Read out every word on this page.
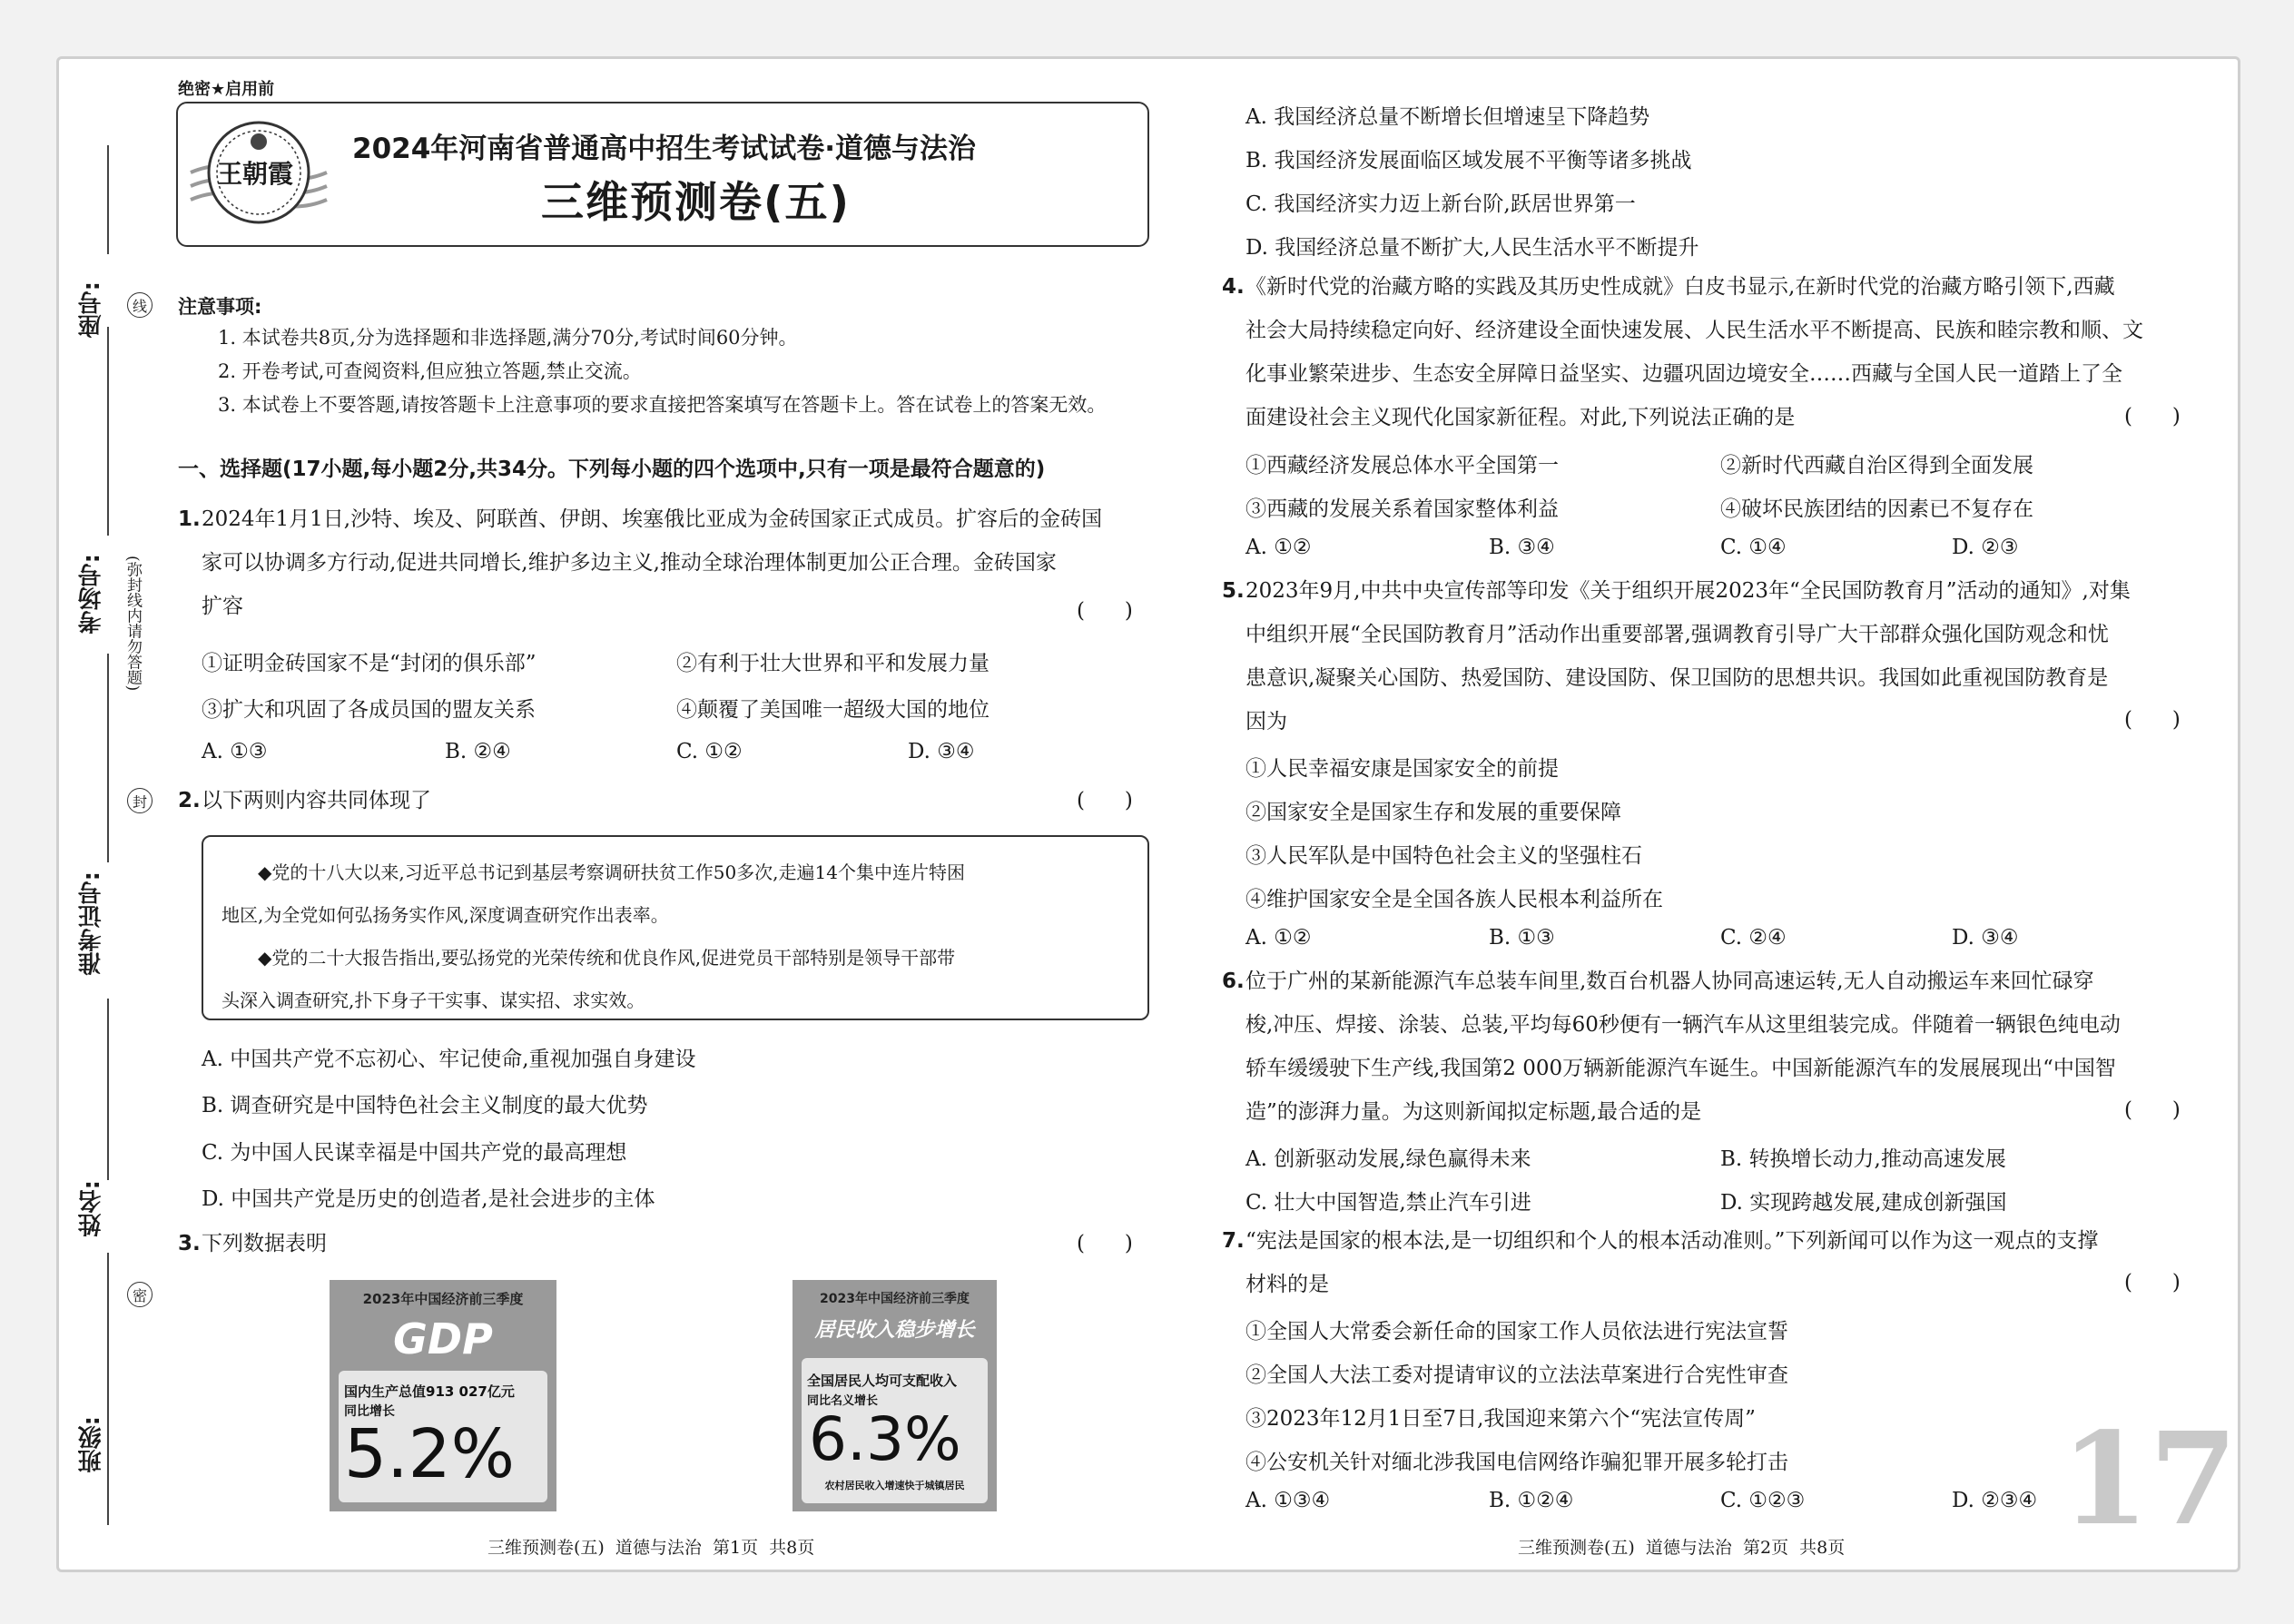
座号:
考场号:
准考证号:
姓名:
班级:
线
封
密
(弥封线内请勿答题)
绝密★启用前
王朝霞
2024年河南省普通高中招生考试试卷·道德与法治
三维预测卷(五)
注意事项:
1. 本试卷共8页,分为选择题和非选择题,满分70分,考试时间60分钟。
2. 开卷考试,可查阅资料,但应独立答题,禁止交流。
3. 本试卷上不要答题,请按答题卡上注意事项的要求直接把答案填写在答题卡上。答在试卷上的答案无效。
一、选择题(17小题,每小题2分,共34分。下列每小题的四个选项中,只有一项是最符合题意的)
1. 2024年1月1日,沙特、埃及、阿联酋、伊朗、埃塞俄比亚成为金砖国家正式成员。扩容后的金砖国
家可以协调多方行动,促进共同增长,维护多边主义,推动全球治理体制更加公正合理。金砖国家
扩容	(      )
①证明金砖国家不是“封闭的俱乐部”	②有利于壮大世界和平和发展力量
③扩大和巩固了各成员国的盟友关系	④颠覆了美国唯一超级大国的地位
A. ①③	B. ②④	C. ①②	D. ③④
2. 以下两则内容共同体现了	(      )
◆党的十八大以来,习近平总书记到基层考察调研扶贫工作50多次,走遍14个集中连片特困
地区,为全党如何弘扬务实作风,深度调查研究作出表率。
◆党的二十大报告指出,要弘扬党的光荣传统和优良作风,促进党员干部特别是领导干部带
头深入调查研究,扑下身子干实事、谋实招、求实效。
A. 中国共产党不忘初心、牢记使命,重视加强自身建设
B. 调查研究是中国特色社会主义制度的最大优势
C. 为中国人民谋幸福是中国共产党的最高理想
D. 中国共产党是历史的创造者,是社会进步的主体
3. 下列数据表明	(      )
2023年中国经济前三季度
GDP
国内生产总值913 027亿元
同比增长
5.2%
2023年中国经济前三季度
居民收入稳步增长
全国居民人均可支配收入
同比名义增长
6.3%
农村居民收入增速快于城镇居民
三维预测卷(五)  道德与法治  第1页  共8页
A. 我国经济总量不断增长但增速呈下降趋势
B. 我国经济发展面临区域发展不平衡等诸多挑战
C. 我国经济实力迈上新台阶,跃居世界第一
D. 我国经济总量不断扩大,人民生活水平不断提升
4. 《新时代党的治藏方略的实践及其历史性成就》白皮书显示,在新时代党的治藏方略引领下,西藏
社会大局持续稳定向好、经济建设全面快速发展、人民生活水平不断提高、民族和睦宗教和顺、文
化事业繁荣进步、生态安全屏障日益坚实、边疆巩固边境安全……西藏与全国人民一道踏上了全
面建设社会主义现代化国家新征程。对此,下列说法正确的是	(      )
①西藏经济发展总体水平全国第一	②新时代西藏自治区得到全面发展
③西藏的发展关系着国家整体利益	④破坏民族团结的因素已不复存在
A. ①②	B. ③④	C. ①④	D. ②③
5. 2023年9月,中共中央宣传部等印发《关于组织开展2023年“全民国防教育月”活动的通知》,对集
中组织开展“全民国防教育月”活动作出重要部署,强调教育引导广大干部群众强化国防观念和忧
患意识,凝聚关心国防、热爱国防、建设国防、保卫国防的思想共识。我国如此重视国防教育是
因为	(      )
①人民幸福安康是国家安全的前提
②国家安全是国家生存和发展的重要保障
③人民军队是中国特色社会主义的坚强柱石
④维护国家安全是全国各族人民根本利益所在
A. ①②	B. ①③	C. ②④	D. ③④
6. 位于广州的某新能源汽车总装车间里,数百台机器人协同高速运转,无人自动搬运车来回忙碌穿
梭,冲压、焊接、涂装、总装,平均每60秒便有一辆汽车从这里组装完成。伴随着一辆银色纯电动
轿车缓缓驶下生产线,我国第2 000万辆新能源汽车诞生。中国新能源汽车的发展展现出“中国智
造”的澎湃力量。为这则新闻拟定标题,最合适的是	(      )
A. 创新驱动发展,绿色赢得未来	B. 转换增长动力,推动高速发展
C. 壮大中国智造,禁止汽车引进	D. 实现跨越发展,建成创新强国
7. “宪法是国家的根本法,是一切组织和个人的根本活动准则。”下列新闻可以作为这一观点的支撑
材料的是	(      )
①全国人大常委会新任命的国家工作人员依法进行宪法宣誓
②全国人大法工委对提请审议的立法法草案进行合宪性审查
③2023年12月1日至7日,我国迎来第六个“宪法宣传周”
④公安机关针对缅北涉我国电信网络诈骗犯罪开展多轮打击
A. ①③④	B. ①②④	C. ①②③	D. ②③④ 17
三维预测卷(五)  道德与法治  第2页  共8页
